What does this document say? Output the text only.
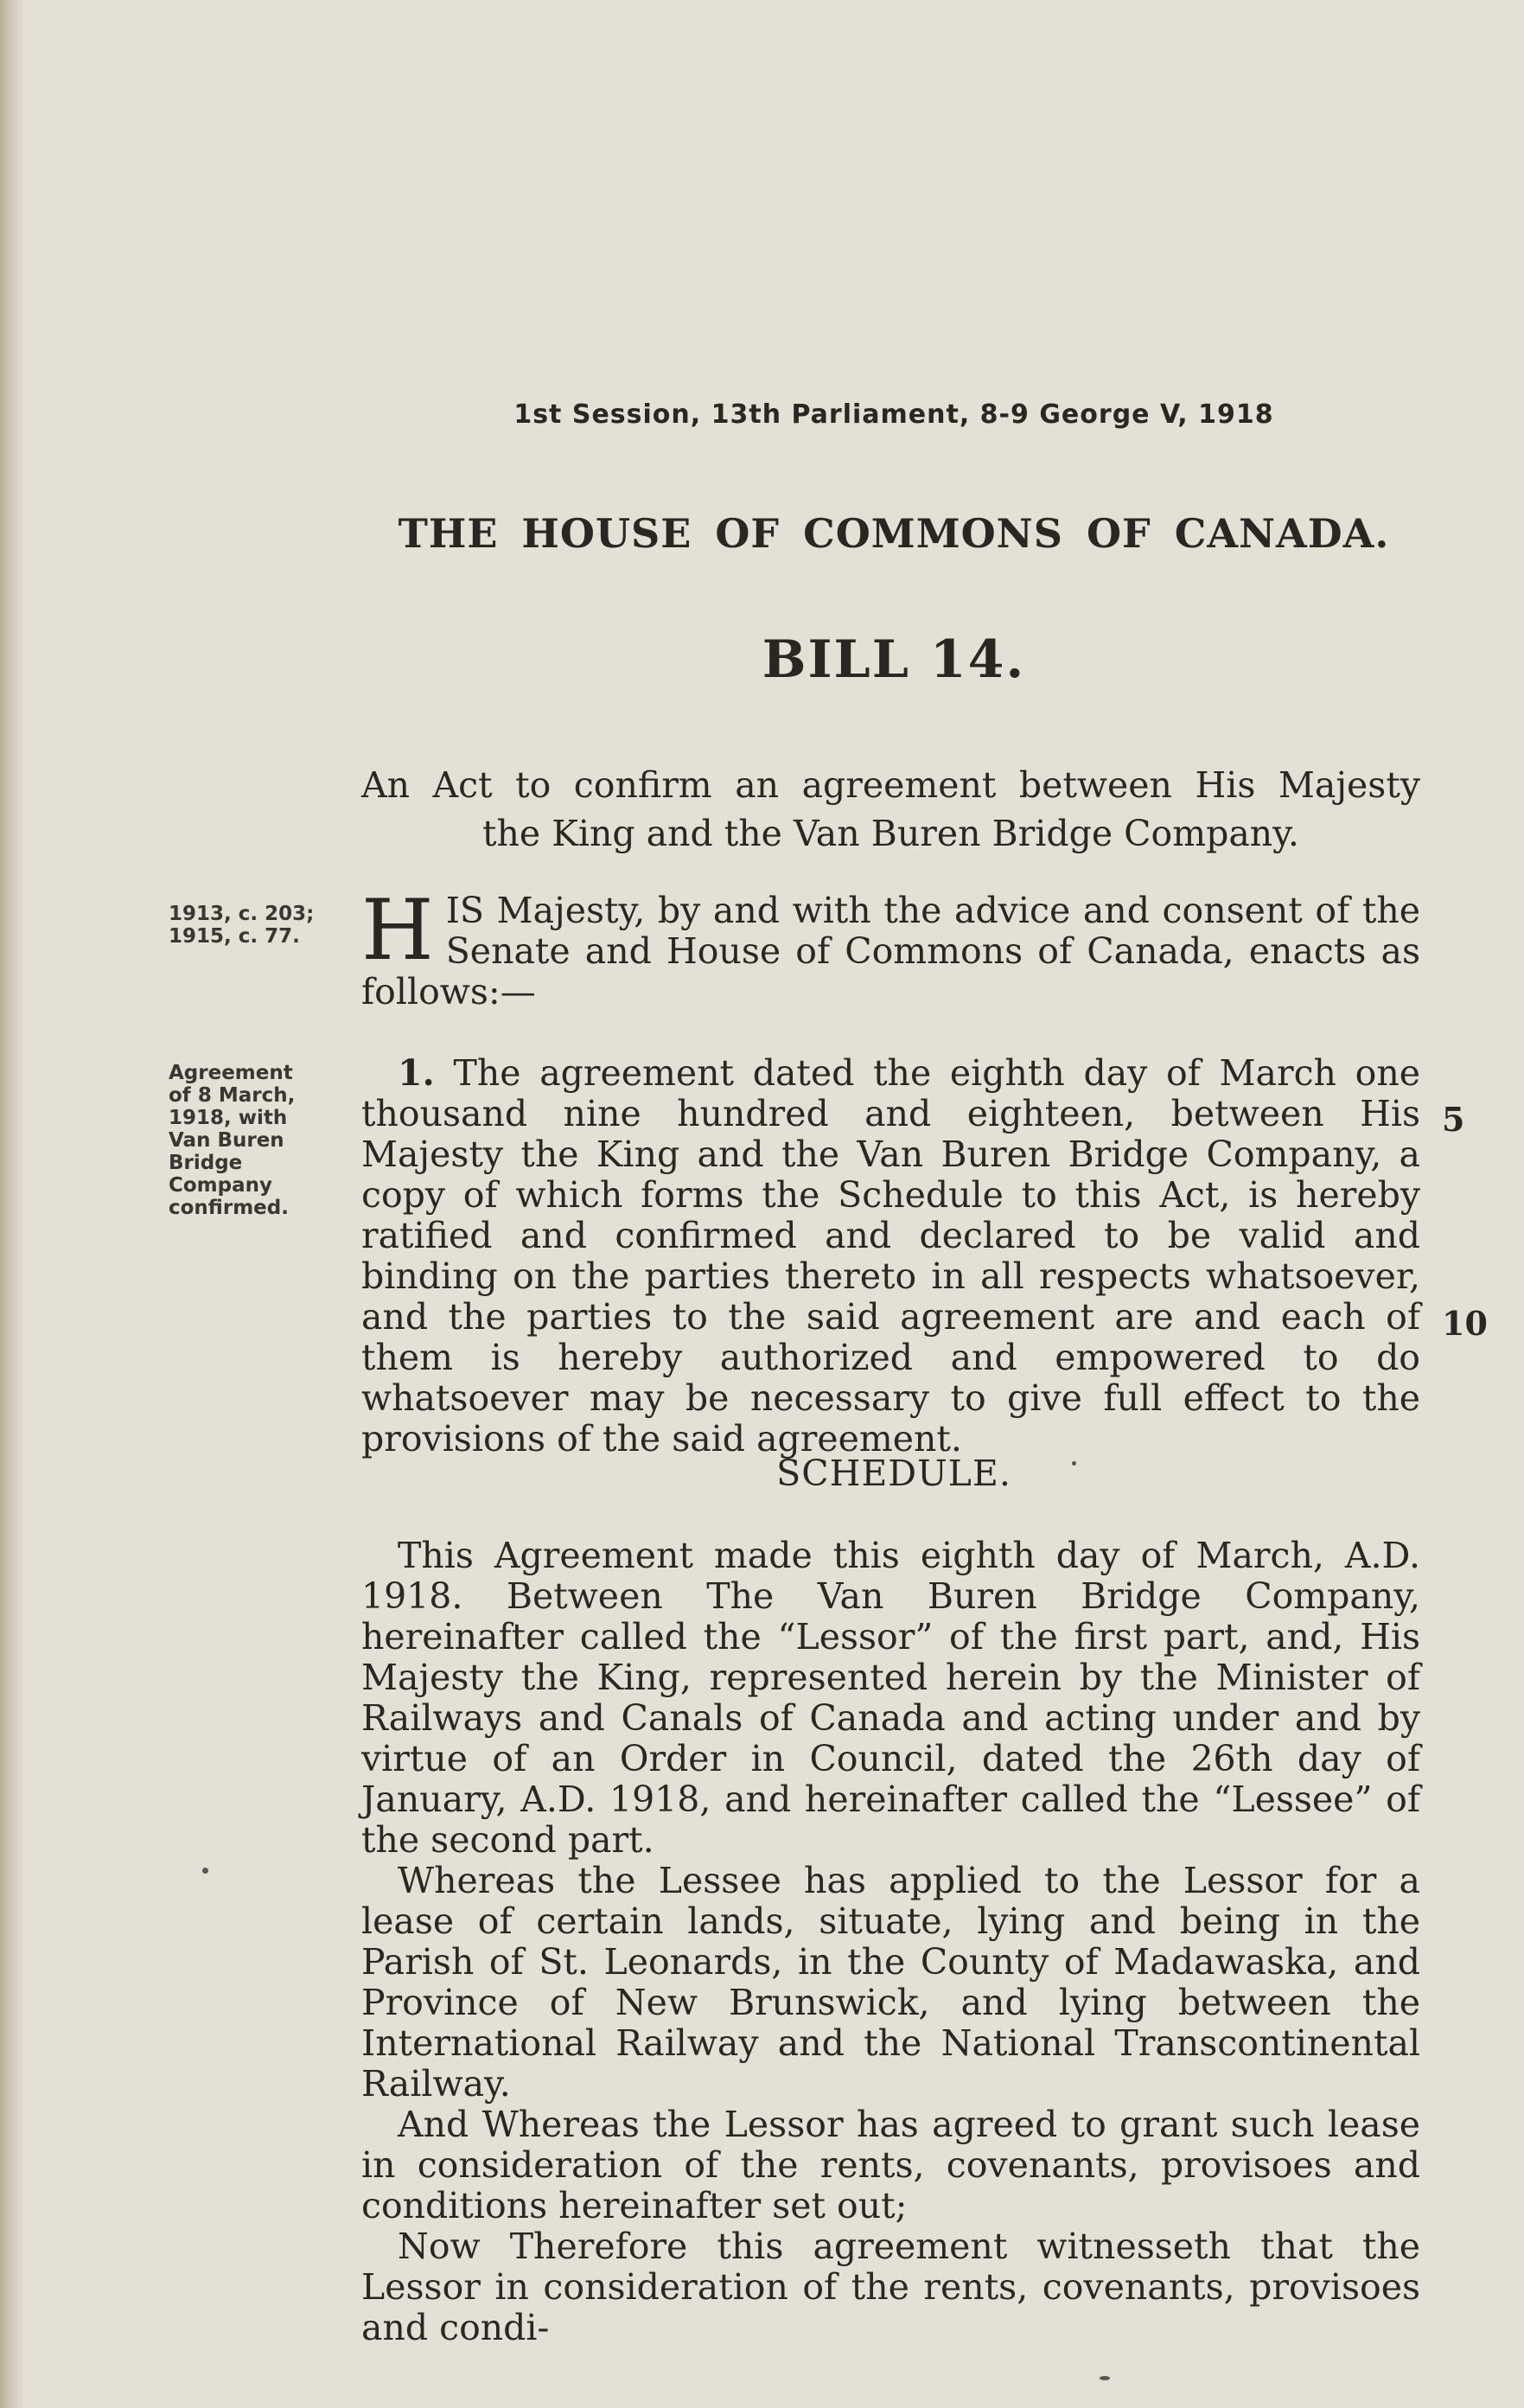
1st Session, 13th Parliament, 8-9 George V, 1918
THE HOUSE OF COMMONS OF CANADA.
BILL 14.
An Act to confirm an agreement between His Majesty
the King and the Van Buren Bridge Company.
1913, c. 203;
1915, c. 77. HIS Majesty, by and with the advice and consent of the Senate and House of Commons of Canada, enacts as follows:—
Agreement of 8 March, 1918, with Van Buren Bridge Company confirmed.

1. The agreement dated the eighth day of March one thousand nine hundred and eighteen, between His Majesty the King and the Van Buren Bridge Company, a copy of which forms the Schedule to this Act, is hereby ratified and confirmed and declared to be valid and binding on the parties thereto in all respects whatsoever, and the parties to the said agreement are and each of them is hereby authorized and empowered to do whatsoever may be necessary to give full effect to the provisions of the said agreement.

5
10
SCHEDULE.

This Agreement made this eighth day of March, A.D. 1918. Between The Van Buren Bridge Company, hereinafter called the “Lessor” of the first part, and, His Majesty the King, represented herein by the Minister of Railways and Canals of Canada and acting under and by virtue of an Order in Council, dated the 26th day of January, A.D. 1918, and hereinafter called the “Lessee” of the second part.

Whereas the Lessee has applied to the Lessor for a lease of certain lands, situate, lying and being in the Parish of St. Leonards, in the County of Madawaska, and Province of New Brunswick, and lying between the International Railway and the National Transcontinental Railway.

And Whereas the Lessor has agreed to grant such lease in consideration of the rents, covenants, provisoes and conditions hereinafter set out;

Now Therefore this agreement witnesseth that the Lessor in consideration of the rents, covenants, provisoes and condi-
